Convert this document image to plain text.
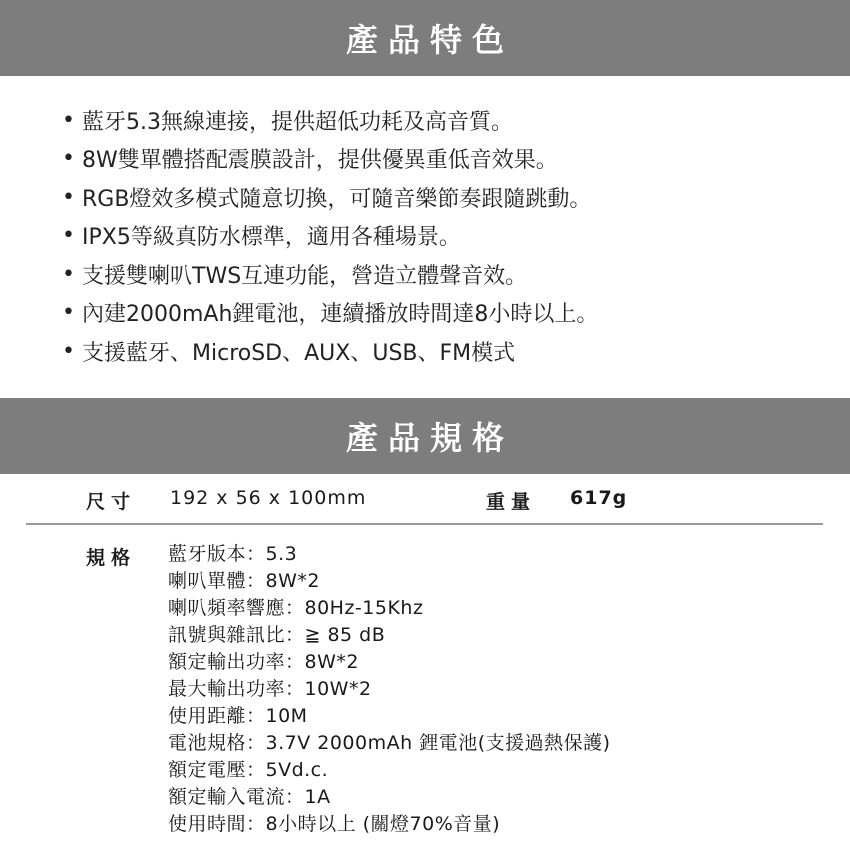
產品特色
• 藍牙5.3無線連接，提供超低功耗及高音質。
• 8W雙單體搭配震膜設計，提供優異重低音效果。
• RGB燈效多模式隨意切換，可隨音樂節奏跟隨跳動。
• IPX5等級真防水標準，適用各種場景。
• 支援雙喇叭TWS互連功能，營造立體聲音效。
• 內建2000mAh鋰電池，連續播放時間達8小時以上。
• 支援藍牙、MicroSD、AUX、USB、FM模式
產品規格
尺寸 192 x 56 x 100mm	重量 617g
規格 藍牙版本：5.3
喇叭單體：8W*2
喇叭頻率響應：80Hz-15Khz
訊號與雜訊比：≧ 85 dB
額定輸出功率：8W*2
最大輸出功率：10W*2
使用距離：10M
電池規格：3.7V 2000mAh 鋰電池(支援過熱保護)
額定電壓：5Vd.c.
額定輸入電流：1A
使用時間：8小時以上 (關燈70%音量)
